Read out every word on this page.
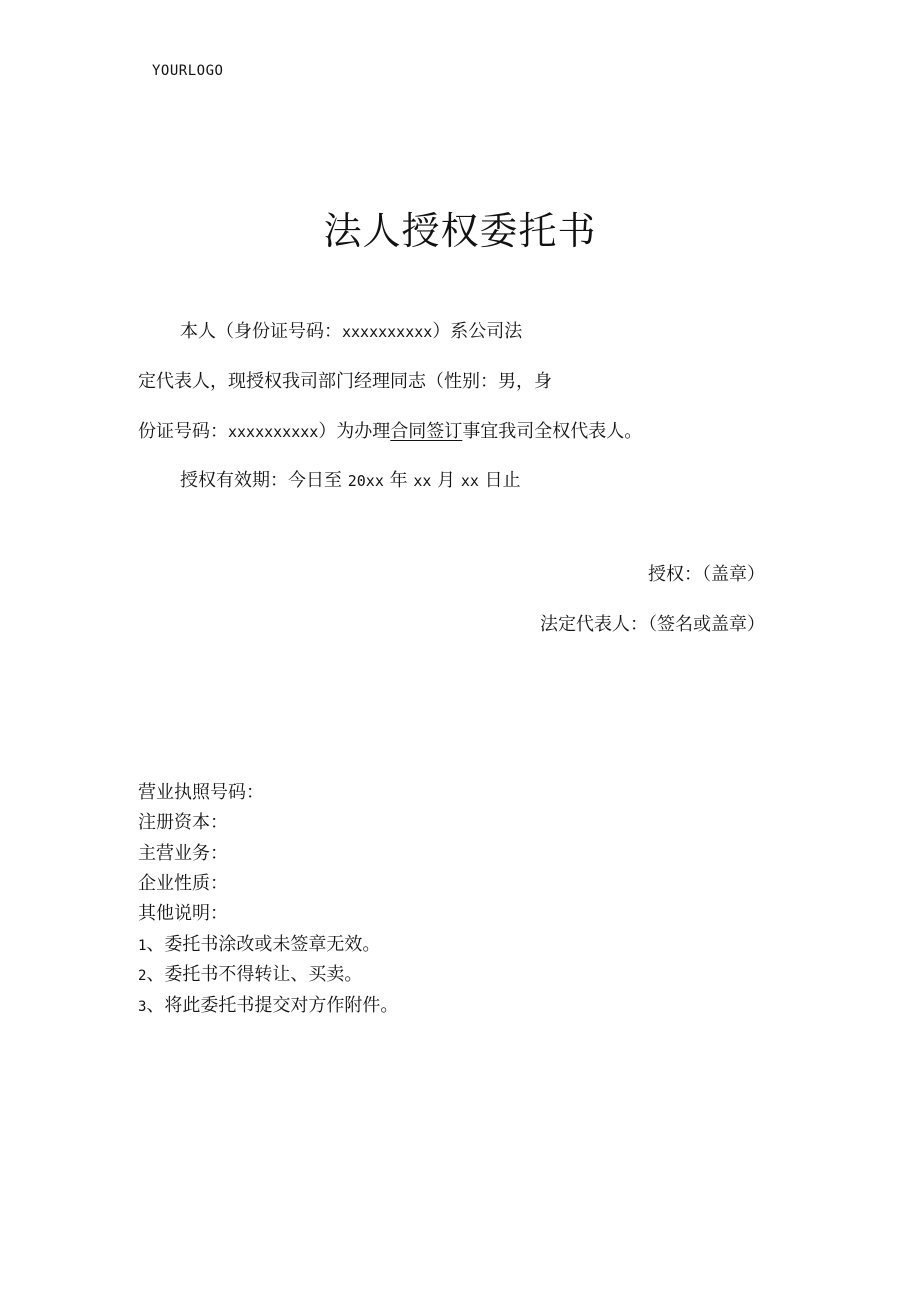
YOURLOGO
法人授权委托书
本人（身份证号码：xxxxxxxxxx）系公司法
定代表人，现授权我司部门经理同志（性别：男，身
份证号码：xxxxxxxxxx）为办理合同签订事宜我司全权代表人。
授权有效期：今日至 20xx 年 xx 月 xx 日止
授权：（盖章）
法定代表人：（签名或盖章）
营业执照号码：
注册资本：
主营业务：
企业性质：
其他说明：
1、委托书涂改或未签章无效。
2、委托书不得转让、买卖。
3、将此委托书提交对方作附件。
